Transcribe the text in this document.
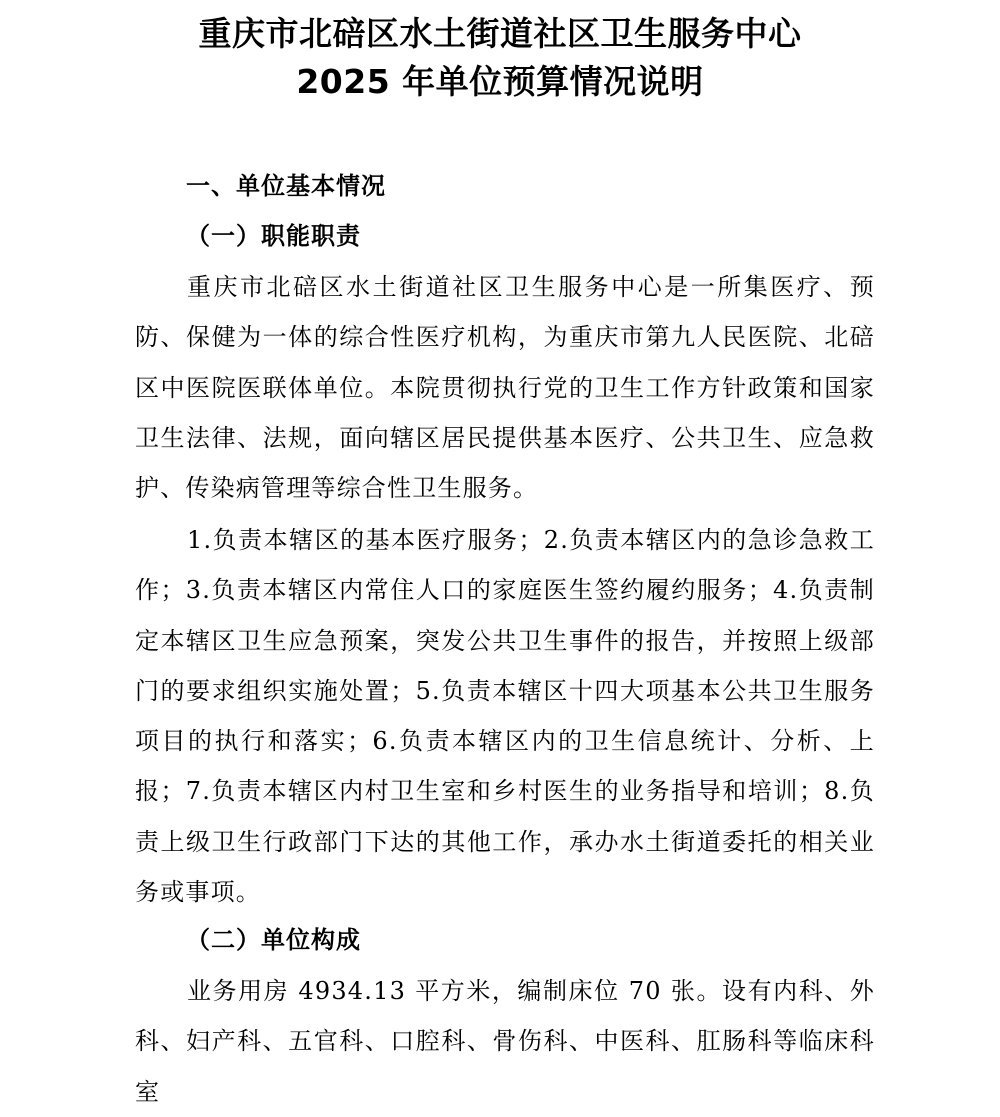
重庆市北碚区水土街道社区卫生服务中心
2025 年单位预算情况说明
一、单位基本情况
（一）职能职责

重庆市北碚区水土街道社区卫生服务中心是一所集医疗、预防、保健为一体的综合性医疗机构，为重庆市第九人民医院、北碚区中医院医联体单位。本院贯彻执行党的卫生工作方针政策和国家卫生法律、法规，面向辖区居民提供基本医疗、公共卫生、应急救护、传染病管理等综合性卫生服务。

1.负责本辖区的基本医疗服务；2.负责本辖区内的急诊急救工作；3.负责本辖区内常住人口的家庭医生签约履约服务；4.负责制定本辖区卫生应急预案，突发公共卫生事件的报告，并按照上级部门的要求组织实施处置；5.负责本辖区十四大项基本公共卫生服务项目的执行和落实；6.负责本辖区内的卫生信息统计、分析、上报；7.负责本辖区内村卫生室和乡村医生的业务指导和培训；8.负责上级卫生行政部门下达的其他工作，承办水土街道委托的相关业务或事项。

（二）单位构成

业务用房 4934.13 平方米，编制床位 70 张。设有内科、外科、妇产科、五官科、口腔科、骨伤科、中医科、肛肠科等临床科室
